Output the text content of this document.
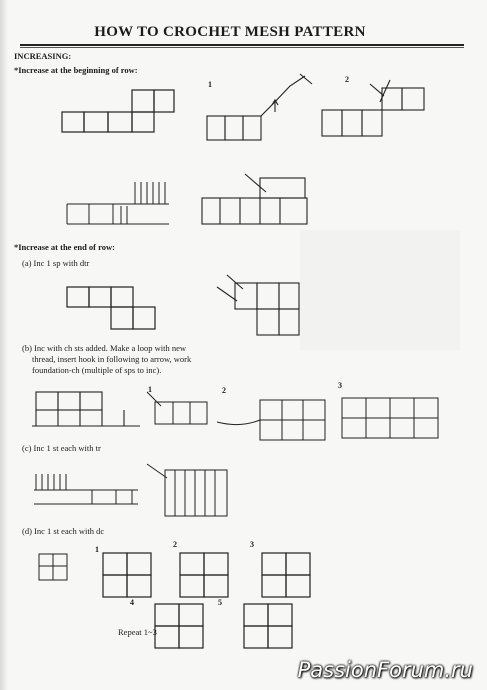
HOW TO CROCHET MESH PATTERN
INCREASING:
*Increase at the beginning of row:
1
2
*Increase at the end of row:
(a) Inc 1 sp with dtr
(b) Inc with ch sts added. Make a loop with new
thread, insert hook in following to arrow, work
foundation-ch (multiple of sps to inc).
1	2
3
(c) Inc 1 st each with tr
(d) Inc 1 st each with dc
1
2	3
4	5
Repeat 1~3
PassionForum.ru
